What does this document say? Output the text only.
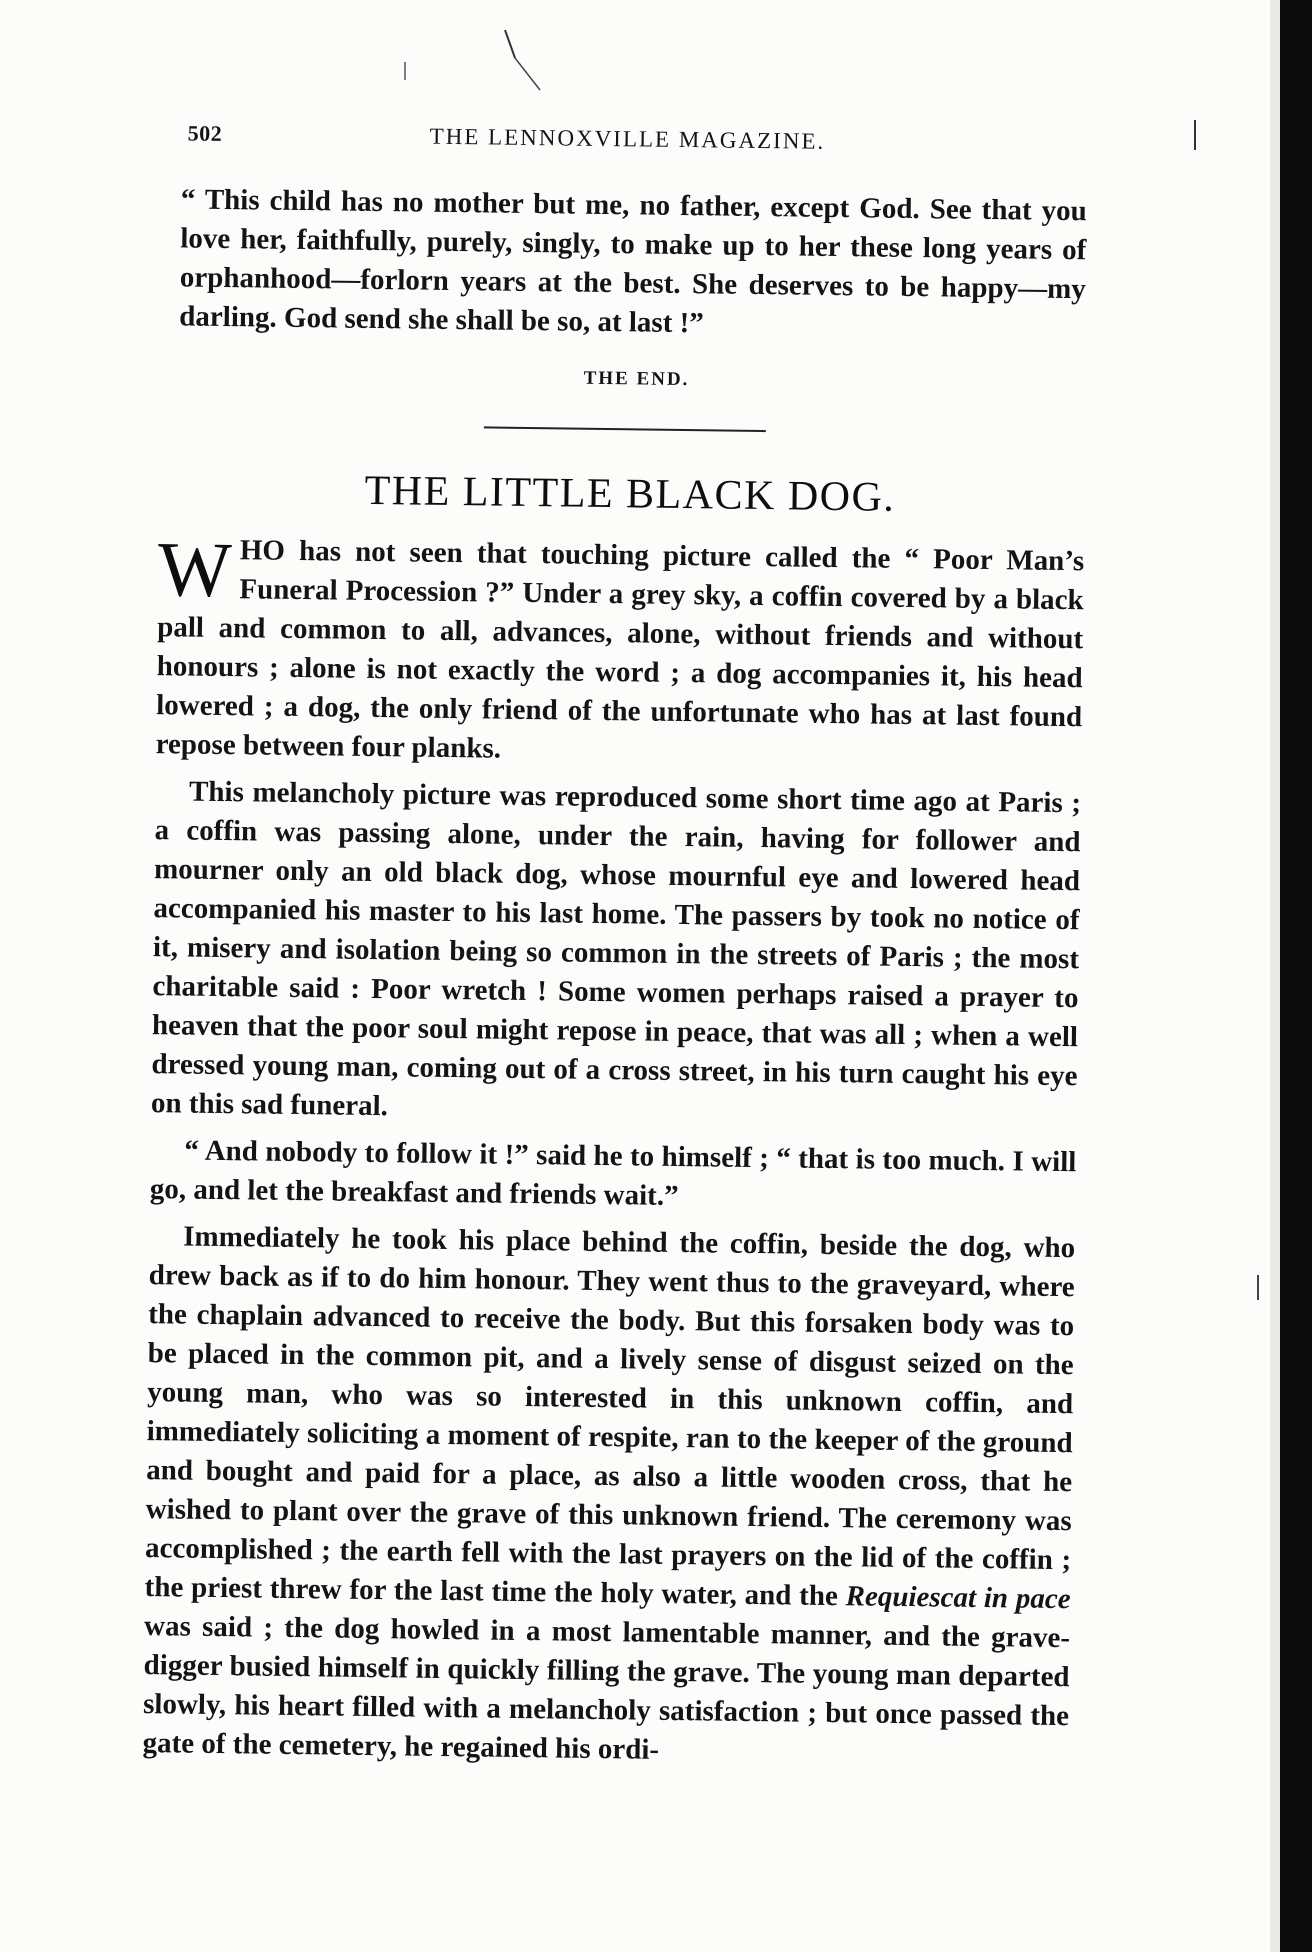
502	THE LENNOXVILLE MAGAZINE.

“ This child has no mother but me, no father, except God. See that you love her, faithfully, purely, singly, to make up to her these long years of orphanhood—forlorn years at the best. She deserves to be happy—my darling. God send she shall be so, at last !”

THE END.
THE LITTLE BLACK DOG.

WHO has not seen that touching picture called the “ Poor Man’s Funeral Procession ?” Under a grey sky, a coffin covered by a black pall and common to all, advances, alone, without friends and without honours ; alone is not exactly the word ; a dog accompanies it, his head lowered ; a dog, the only friend of the unfortunate who has at last found repose between four planks.

This melancholy picture was reproduced some short time ago at Paris ; a coffin was passing alone, under the rain, having for follower and mourner only an old black dog, whose mournful eye and lowered head accompanied his master to his last home. The passers by took no notice of it, misery and isolation being so common in the streets of Paris ; the most charitable said : Poor wretch ! Some women perhaps raised a prayer to heaven that the poor soul might repose in peace, that was all ; when a well dressed young man, coming out of a cross street, in his turn caught his eye on this sad funeral.

“ And nobody to follow it !” said he to himself ; “ that is too much. I will go, and let the breakfast and friends wait.”

Immediately he took his place behind the coffin, beside the dog, who drew back as if to do him honour. They went thus to the graveyard, where the chaplain advanced to receive the body. But this forsaken body was to be placed in the common pit, and a lively sense of disgust seized on the young man, who was so interested in this unknown coffin, and immediately soliciting a moment of respite, ran to the keeper of the ground and bought and paid for a place, as also a little wooden cross, that he wished to plant over the grave of this unknown friend. The ceremony was accomplished ; the earth fell with the last prayers on the lid of the coffin ; the priest threw for the last time the holy water, and the Requiescat in pace was said ; the dog howled in a most lamentable manner, and the grave-digger busied himself in quickly filling the grave. The young man departed slowly, his heart filled with a melancholy satisfaction ; but once passed the gate of the cemetery, he regained his ordi-
